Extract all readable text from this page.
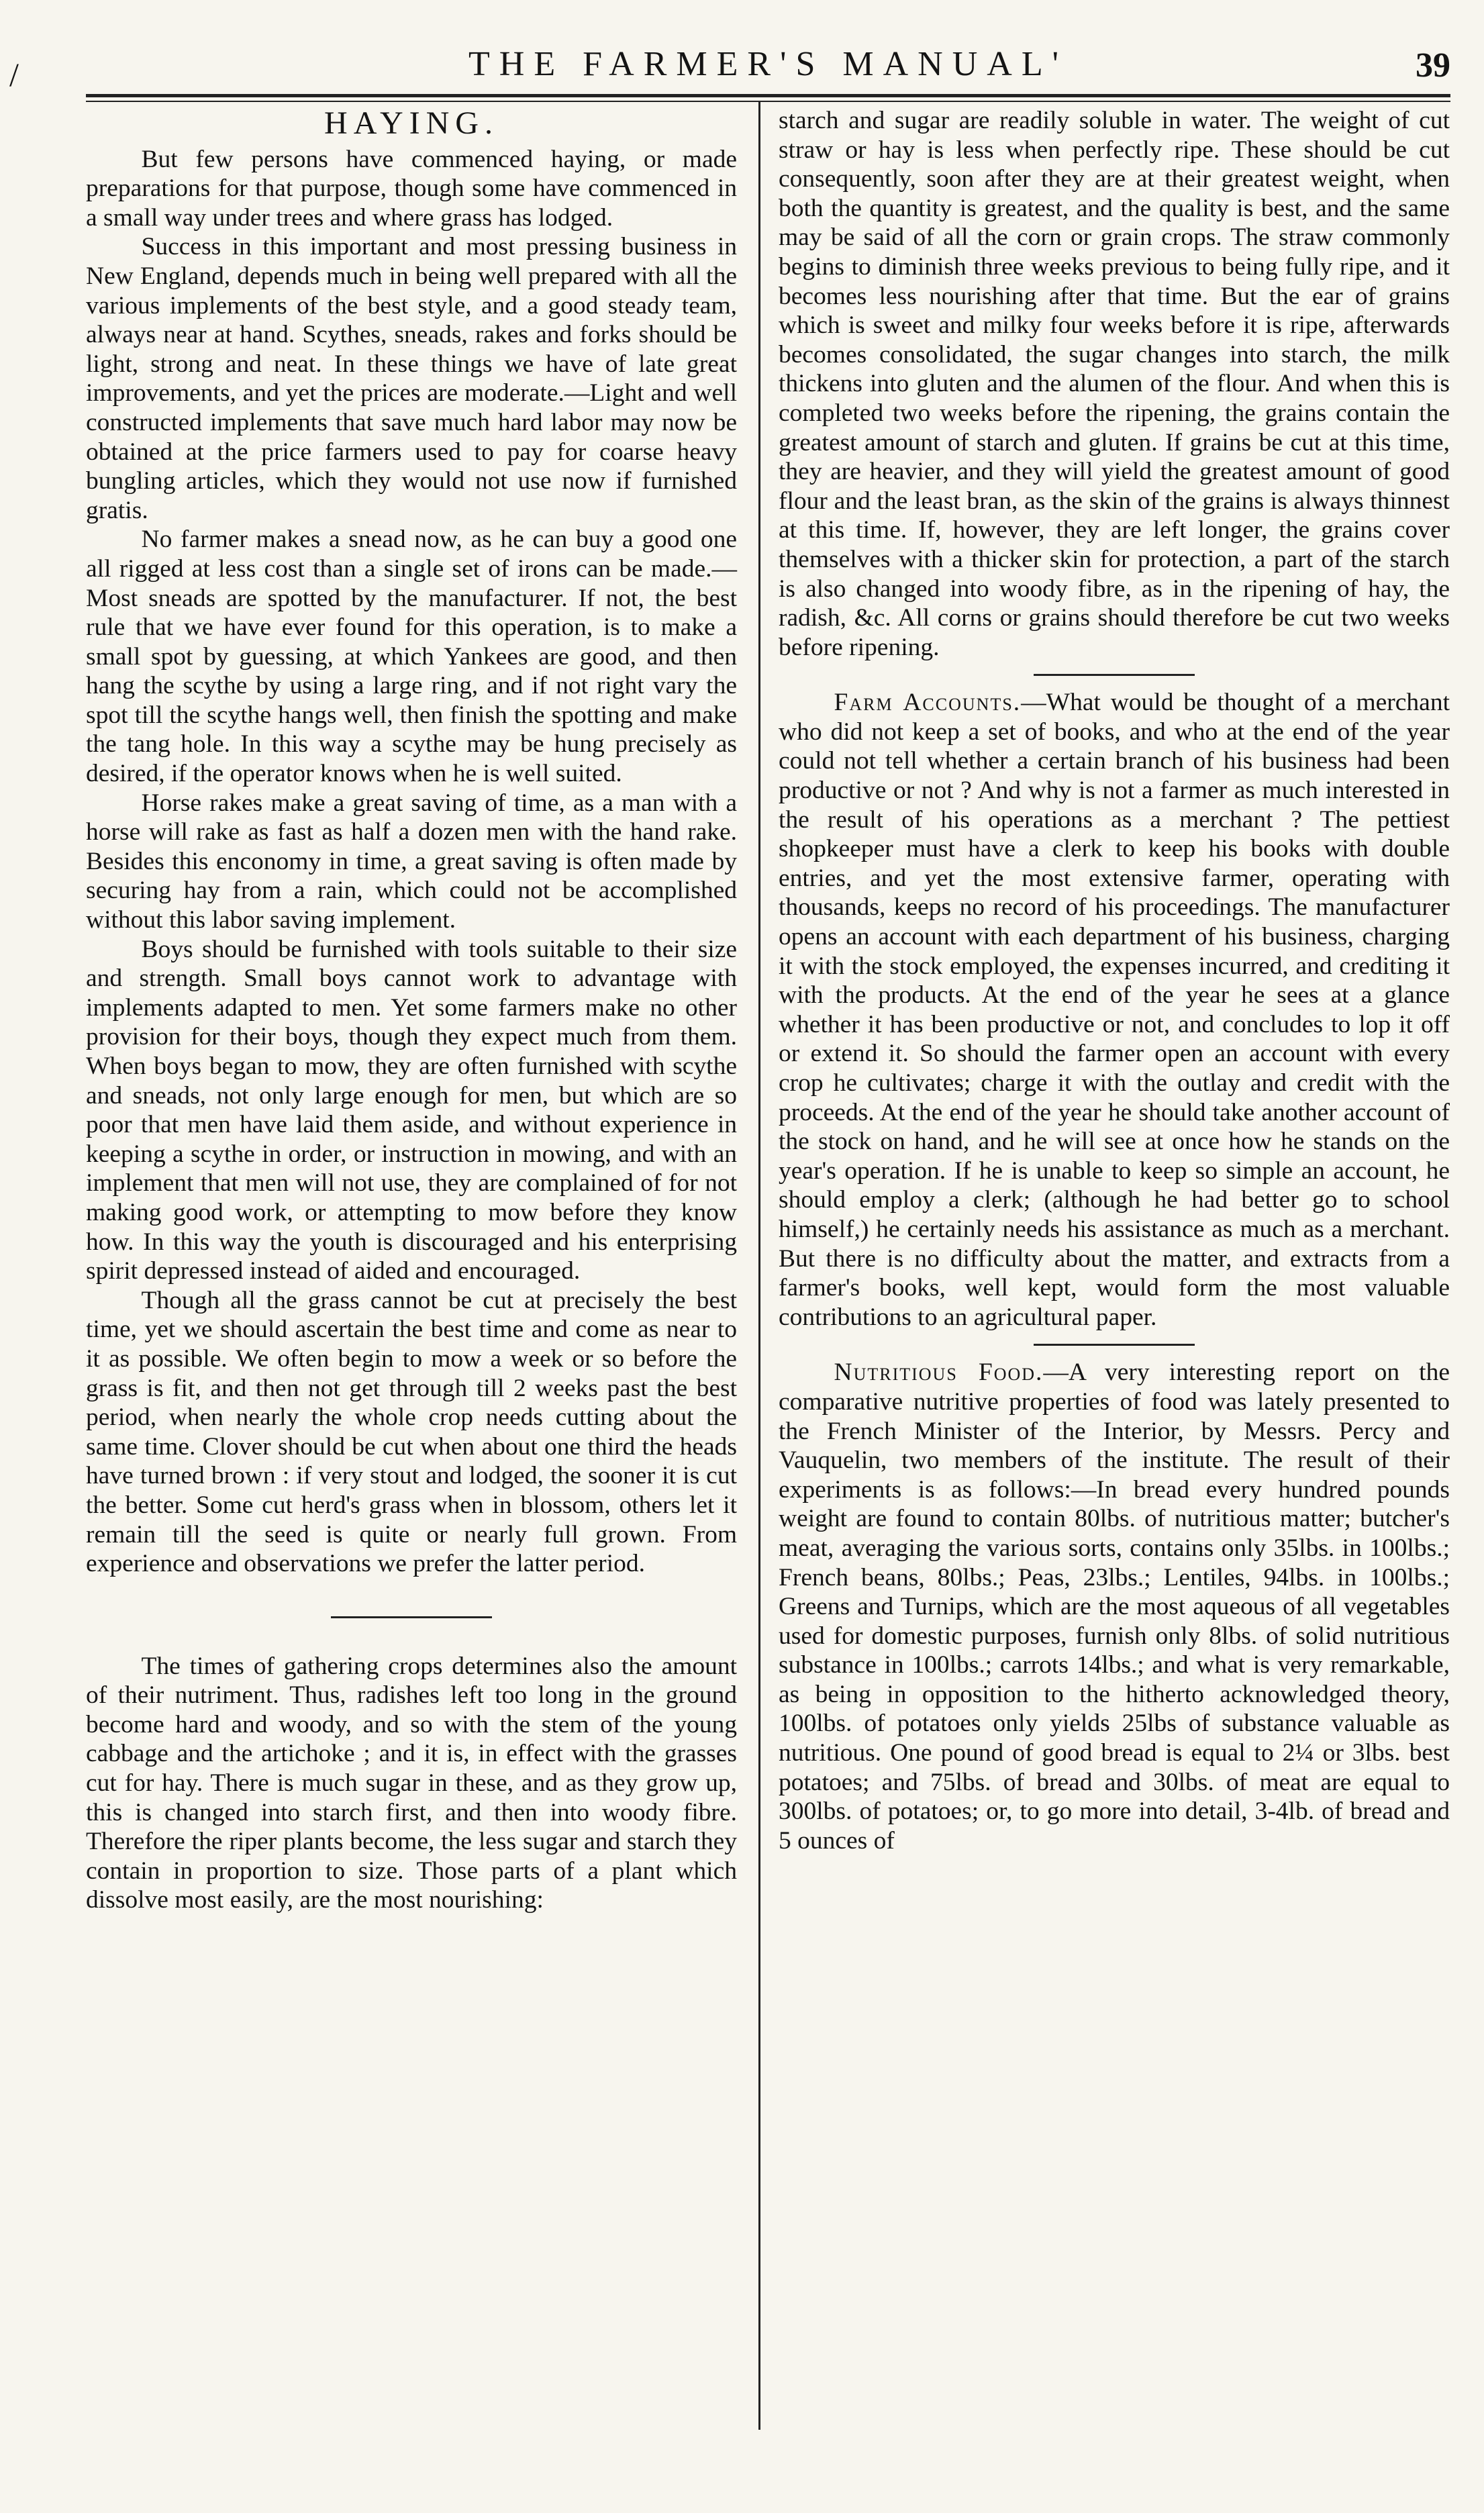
/	THE FARMER'S MANUAL'	39
HAYING.

But few persons have commenced haying, or made preparations for that purpose, though some have commenced in a small way under trees and where grass has lodged.

Success in this important and most pressing business in New England, depends much in being well prepared with all the various implements of the best style, and a good steady team, always near at hand. Scythes, sneads, rakes and forks should be light, strong and neat. In these things we have of late great improvements, and yet the prices are moderate.—Light and well constructed implements that save much hard labor may now be obtained at the price farmers used to pay for coarse heavy bungling articles, which they would not use now if furnished gratis.

No farmer makes a snead now, as he can buy a good one all rigged at less cost than a single set of irons can be made.—Most sneads are spotted by the manufacturer. If not, the best rule that we have ever found for this operation, is to make a small spot by guessing, at which Yankees are good, and then hang the scythe by using a large ring, and if not right vary the spot till the scythe hangs well, then finish the spotting and make the tang hole. In this way a scythe may be hung precisely as desired, if the operator knows when he is well suited.

Horse rakes make a great saving of time, as a man with a horse will rake as fast as half a dozen men with the hand rake. Besides this enconomy in time, a great saving is often made by securing hay from a rain, which could not be accomplished without this labor saving implement.

Boys should be furnished with tools suitable to their size and strength. Small boys cannot work to advantage with implements adapted to men. Yet some farmers make no other provision for their boys, though they expect much from them. When boys began to mow, they are often furnished with scythe and sneads, not only large enough for men, but which are so poor that men have laid them aside, and without experience in keeping a scythe in order, or instruction in mowing, and with an implement that men will not use, they are complained of for not making good work, or attempting to mow before they know how. In this way the youth is discouraged and his enterprising spirit depressed instead of aided and encouraged.

Though all the grass cannot be cut at precisely the best time, yet we should ascertain the best time and come as near to it as possible. We often begin to mow a week or so before the grass is fit, and then not get through till 2 weeks past the best period, when nearly the whole crop needs cutting about the same time. Clover should be cut when about one third the heads have turned brown : if very stout and lodged, the sooner it is cut the better. Some cut herd's grass when in blossom, others let it remain till the seed is quite or nearly full grown. From experience and observations we prefer the latter period.

The times of gathering crops determines also the amount of their nutriment. Thus, radishes left too long in the ground become hard and woody, and so with the stem of the young cabbage and the artichoke ; and it is, in effect with the grasses cut for hay. There is much sugar in these, and as they grow up, this is changed into starch first, and then into woody fibre. Therefore the riper plants become, the less sugar and starch they contain in proportion to size. Those parts of a plant which dissolve most easily, are the most nourishing:

starch and sugar are readily soluble in water. The weight of cut straw or hay is less when perfectly ripe. These should be cut consequently, soon after they are at their greatest weight, when both the quantity is greatest, and the quality is best, and the same may be said of all the corn or grain crops. The straw commonly begins to diminish three weeks previous to being fully ripe, and it becomes less nourishing after that time. But the ear of grains which is sweet and milky four weeks before it is ripe, afterwards becomes consolidated, the sugar changes into starch, the milk thickens into gluten and the alumen of the flour. And when this is completed two weeks before the ripening, the grains contain the greatest amount of starch and gluten. If grains be cut at this time, they are heavier, and they will yield the greatest amount of good flour and the least bran, as the skin of the grains is always thinnest at this time. If, however, they are left longer, the grains cover themselves with a thicker skin for protection, a part of the starch is also changed into woody fibre, as in the ripening of hay, the radish, &c. All corns or grains should therefore be cut two weeks before ripening.

Farm Accounts.—What would be thought of a merchant who did not keep a set of books, and who at the end of the year could not tell whether a certain branch of his business had been productive or not ? And why is not a farmer as much interested in the result of his operations as a merchant ? The pettiest shopkeeper must have a clerk to keep his books with double entries, and yet the most extensive farmer, operating with thousands, keeps no record of his proceedings. The manufacturer opens an account with each department of his business, charging it with the stock employed, the expenses incurred, and crediting it with the products. At the end of the year he sees at a glance whether it has been productive or not, and concludes to lop it off or extend it. So should the farmer open an account with every crop he cultivates; charge it with the outlay and credit with the proceeds. At the end of the year he should take another account of the stock on hand, and he will see at once how he stands on the year's operation. If he is unable to keep so simple an account, he should employ a clerk; (although he had better go to school himself,) he certainly needs his assistance as much as a merchant. But there is no difficulty about the matter, and extracts from a farmer's books, well kept, would form the most valuable contributions to an agricultural paper.

Nutritious Food.—A very interesting report on the comparative nutritive properties of food was lately presented to the French Minister of the Interior, by Messrs. Percy and Vauquelin, two members of the institute. The result of their experiments is as follows:—In bread every hundred pounds weight are found to contain 80lbs. of nutritious matter; butcher's meat, averaging the various sorts, contains only 35lbs. in 100lbs.; French beans, 80lbs.; Peas, 23lbs.; Lentiles, 94lbs. in 100lbs.; Greens and Turnips, which are the most aqueous of all vegetables used for domestic purposes, furnish only 8lbs. of solid nutritious substance in 100lbs.; carrots 14lbs.; and what is very remarkable, as being in opposition to the hitherto acknowledged theory, 100lbs. of potatoes only yields 25lbs of substance valuable as nutritious. One pound of good bread is equal to 2¼ or 3lbs. best potatoes; and 75lbs. of bread and 30lbs. of meat are equal to 300lbs. of potatoes; or, to go more into detail, 3-4lb. of bread and 5 ounces of
